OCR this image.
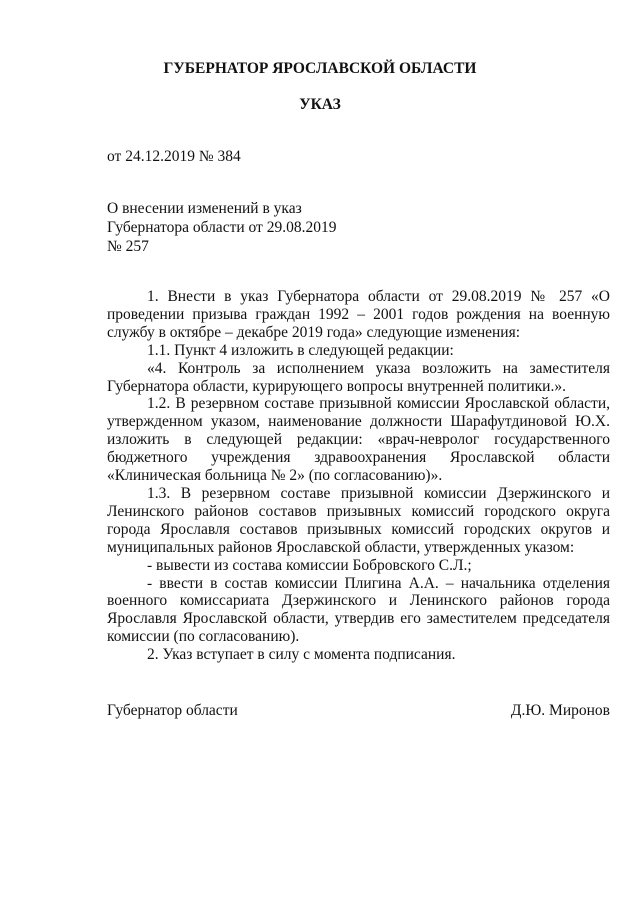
ГУБЕРНАТОР ЯРОСЛАВСКОЙ ОБЛАСТИ
УКАЗ
от 24.12.2019 № 384
О внесении изменений в указ
Губернатора области от 29.08.2019
№ 257

1. Внести в указ Губернатора области от 29.08.2019 № 257 «О проведении призыва граждан 1992 – 2001 годов рождения на военную службу в октябре – декабре 2019 года» следующие изменения:

1.1. Пункт 4 изложить в следующей редакции:

«4. Контроль за исполнением указа возложить на заместителя Губернатора области, курирующего вопросы внутренней политики.».

1.2. В резервном составе призывной комиссии Ярославской области, утвержденном указом, наименование должности Шарафутдиновой Ю.Х. изложить в следующей редакции: «врач-невролог государственного бюджетного учреждения здравоохранения Ярославской области «Клиническая больница № 2» (по согласованию)».

1.3. В резервном составе призывной комиссии Дзержинского и Ленинского районов составов призывных комиссий городского округа города Ярославля составов призывных комиссий городских округов и муниципальных районов Ярославской области, утвержденных указом:

- вывести из состава комиссии Бобровского С.Л.;

- ввести в состав комиссии Плигина А.А. – начальника отделения военного комиссариата Дзержинского и Ленинского районов города Ярославля Ярославской области, утвердив его заместителем председателя комиссии (по согласованию).

2. Указ вступает в силу с момента подписания.

Губернатор области	Д.Ю. Миронов
